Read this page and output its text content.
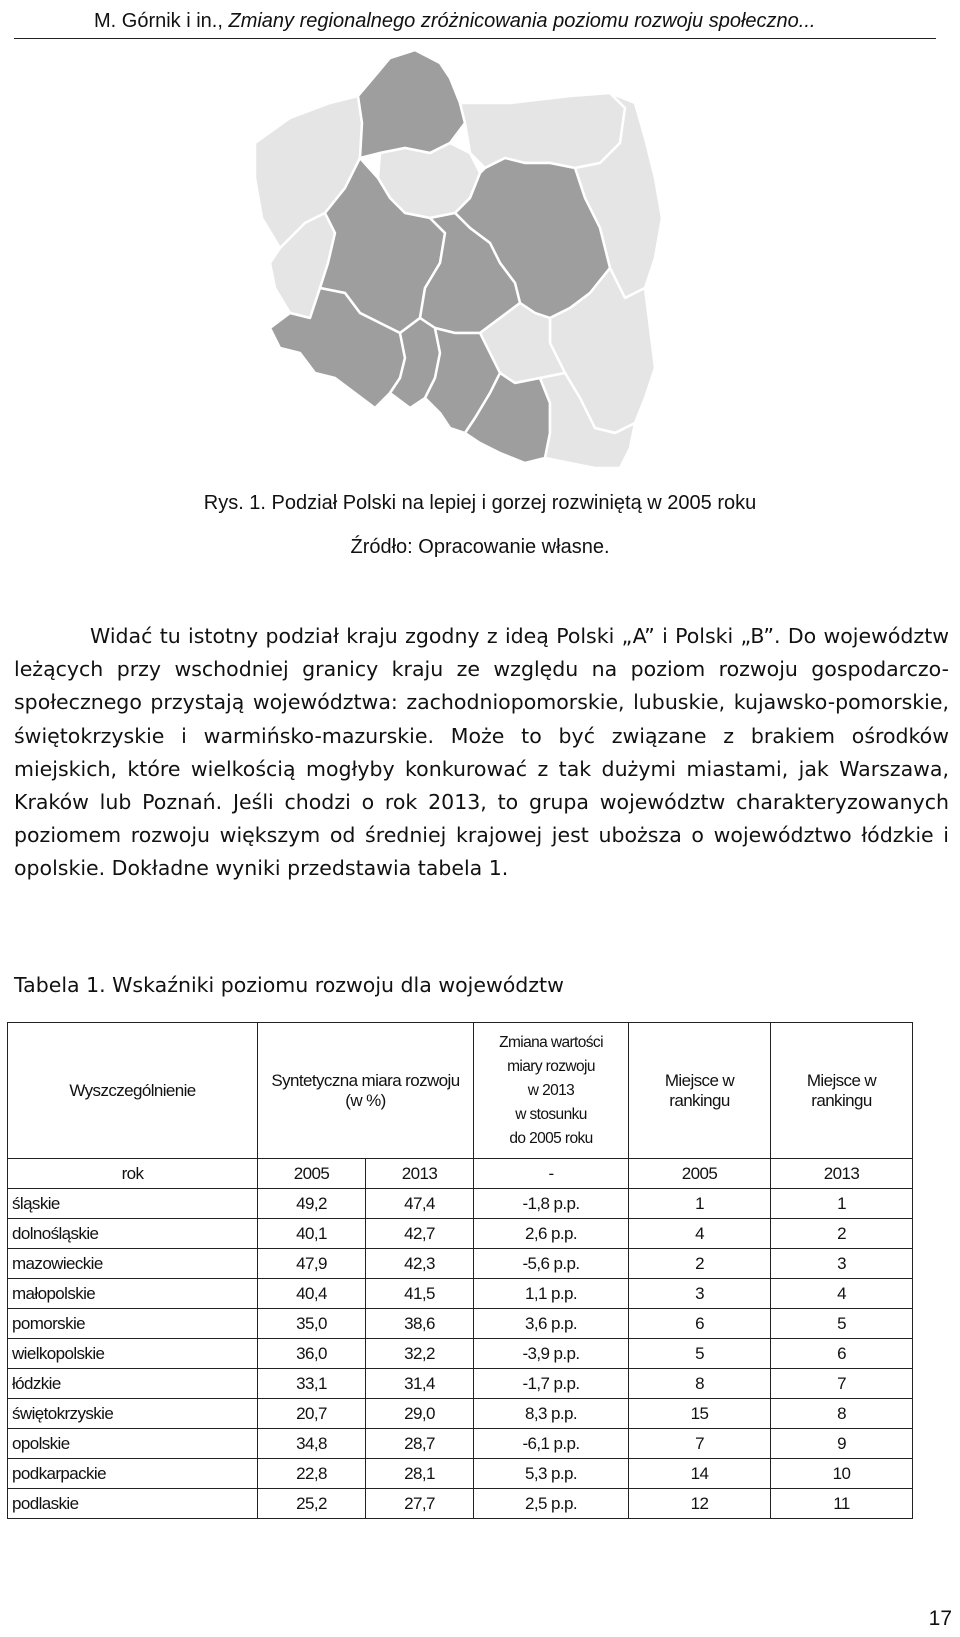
M. Górnik i in., Zmiany regionalnego zróżnicowania poziomu rozwoju społeczno...
Rys. 1. Podział Polski na lepiej i gorzej rozwiniętą w 2005 roku
Źródło: Opracowanie własne.

Widać tu istotny podział kraju zgodny z ideą Polski „A” i Polski „B”. Do województw leżących przy wschodniej granicy kraju ze względu na poziom rozwoju gospodarczo-społecznego przystają województwa: zachodniopomorskie, lubuskie, kujawsko-pomorskie, świętokrzyskie i warmińsko-mazurskie. Może to być związane z brakiem ośrodków miejskich, które wielkością mogłyby konkurować z tak dużymi miastami, jak Warszawa, Kraków lub Poznań. Jeśli chodzi o rok 2013, to grupa województw charakteryzowanych poziomem rozwoju większym od średniej krajowej jest uboższa o województwo łódzkie i opolskie. Dokładne wyniki przedstawia tabela 1.

Tabela 1. Wskaźniki poziomu rozwoju dla województw
Wyszczególnienie	Syntetyczna miara rozwoju (w %)		Zmiana wartości
miary rozwoju
w 2013
w stosunku
do 2005 roku	Miejsce w rankingu	Miejsce w rankingu
rok	2005	2013	-	2005	2013
śląskie	49,2	47,4	-1,8 p.p.	1	1
dolnośląskie	40,1	42,7	2,6 p.p.	4	2
mazowieckie	47,9	42,3	-5,6 p.p.	2	3
małopolskie	40,4	41,5	1,1 p.p.	3	4
pomorskie	35,0	38,6	3,6 p.p.	6	5
wielkopolskie	36,0	32,2	-3,9 p.p.	5	6
łódzkie	33,1	31,4	-1,7 p.p.	8	7
świętokrzyskie	20,7	29,0	8,3 p.p.	15	8
opolskie	34,8	28,7	-6,1 p.p.	7	9
podkarpackie	22,8	28,1	5,3 p.p.	14	10
podlaskie	25,2	27,7	2,5 p.p.	12	11
17
